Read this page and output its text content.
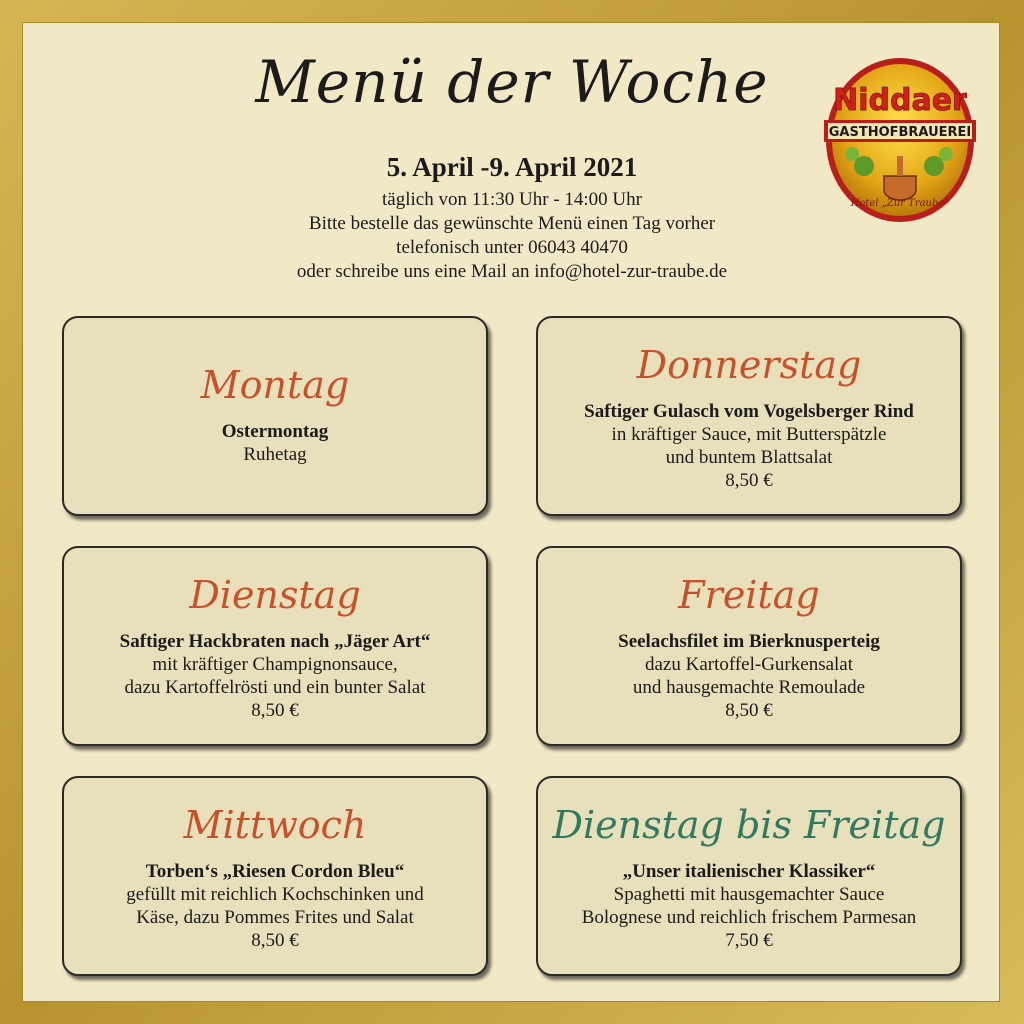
Menü der Woche
5. April -9. April 2021
täglich von 11:30 Uhr - 14:00 Uhr
Bitte bestelle das gewünschte Menü einen Tag vorher
telefonisch unter 06043 40470
oder schreibe uns eine Mail an info@hotel-zur-traube.de
Niddaer
GASTHOFBRAUEREI
Hotel „Zur Traube“
Montag
Ostermontag
Ruhetag
Donnerstag
Saftiger Gulasch vom Vogelsberger Rind
in kräftiger Sauce, mit Butterspätzle
und buntem Blattsalat
8,50 €
Dienstag
Saftiger Hackbraten nach „Jäger Art“
mit kräftiger Champignonsauce,
dazu Kartoffelrösti und ein bunter Salat
8,50 €
Freitag
Seelachsfilet im Bierknusperteig
dazu Kartoffel-Gurkensalat
und hausgemachte Remoulade
8,50 €
Mittwoch
Torben‘s „Riesen Cordon Bleu“
gefüllt mit reichlich Kochschinken und
Käse, dazu Pommes Frites und Salat
8,50 €
Dienstag bis Freitag
„Unser italienischer Klassiker“
Spaghetti mit hausgemachter Sauce
Bolognese und reichlich frischem Parmesan
7,50 €
